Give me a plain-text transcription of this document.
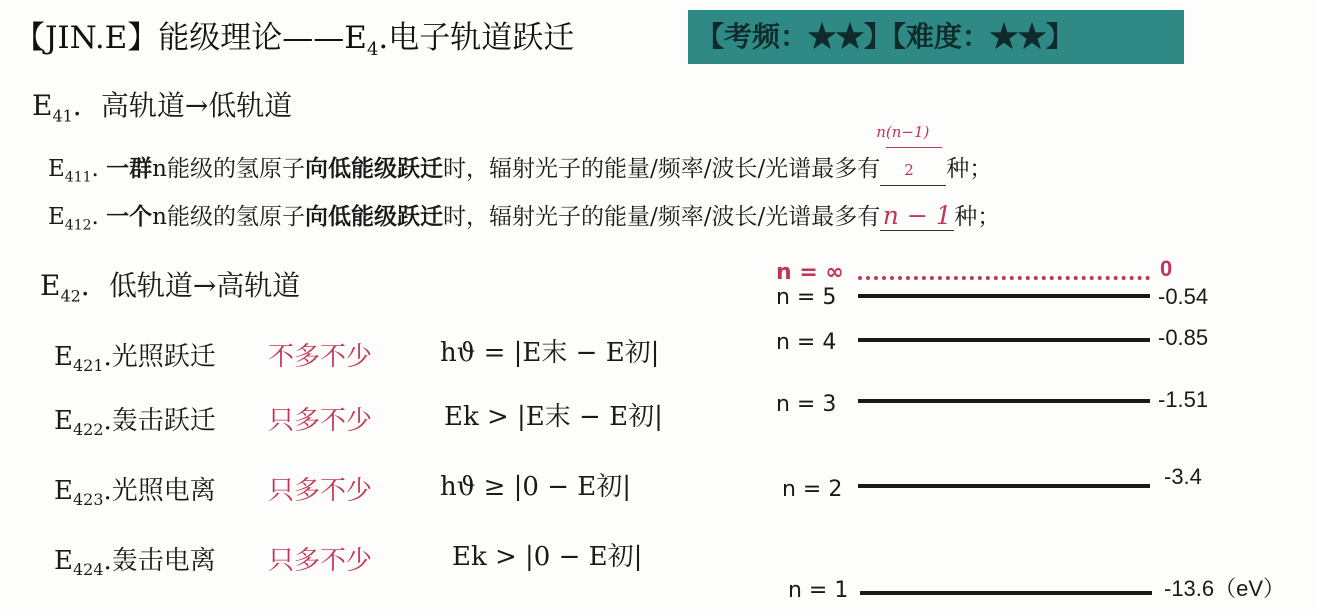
【JIN.E】能级理论$——E_4$.电子轨道跃迁	【考频：★★】【难度：★★】
$E_{41}$．高轨道→低轨道
$E_{411}$. 一群n能级的氢原子向低能级跃迁时，辐射光子的能量/频率/波长/光谱最多有 $\frac{n(n-1)}{2}$ 种；
$E_{412}$. 一个n能级的氢原子向低能级跃迁时，辐射光子的能量/频率/波长/光谱最多有 n − 1 种；
$E_{42}$．低轨道→高轨道
$E_{421}$.光照跃迁 不多不少	hϑ = |E末 − E初|
$E_{422}$.轰击跃迁 只多不少	Ek > |E末 − E初|
$E_{423}$.光照电离 只多不少	hϑ ≥ |0 − E初|
$E_{424}$.轰击电离 只多不少	Ek > |0 − E初|
n = ∞	0
n = 5	-0.54
n = 4	-0.85
n = 3	-1.51
n = 2
-3.4
n = 1	-13.6（eV）
